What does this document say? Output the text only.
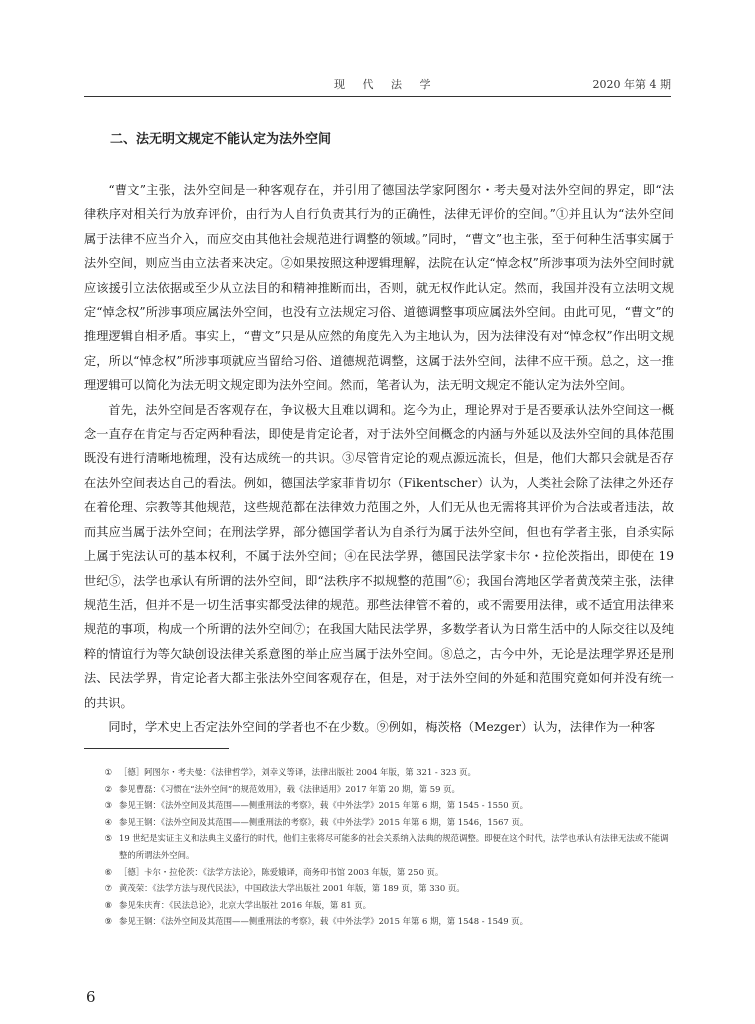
现 代 法 学	2020 年第 4 期
二、法无明文规定不能认定为法外空间

“曹文”主张，法外空间是一种客观存在，并引用了德国法学家阿图尔・考夫曼对法外空间的界定，即“法律秩序对相关行为放弃评价，由行为人自行负责其行为的正确性，法律无评价的空间。”①并且认为“法外空间属于法律不应当介入，而应交由其他社会规范进行调整的领域。”同时，“曹文”也主张，至于何种生活事实属于法外空间，则应当由立法者来决定。②如果按照这种逻辑理解，法院在认定“悼念权”所涉事项为法外空间时就应该援引立法依据或至少从立法目的和精神推断而出，否则，就无权作此认定。然而，我国并没有立法明文规定“悼念权”所涉事项应属法外空间，也没有立法规定习俗、道德调整事项应属法外空间。由此可见，“曹文”的推理逻辑自相矛盾。事实上，“曹文”只是从应然的角度先入为主地认为，因为法律没有对“悼念权”作出明文规定，所以“悼念权”所涉事项就应当留给习俗、道德规范调整，这属于法外空间，法律不应干预。总之，这一推理逻辑可以简化为法无明文规定即为法外空间。然而，笔者认为，法无明文规定不能认定为法外空间。

首先，法外空间是否客观存在，争议极大且难以调和。迄今为止，理论界对于是否要承认法外空间这一概念一直存在肯定与否定两种看法，即使是肯定论者，对于法外空间概念的内涵与外延以及法外空间的具体范围既没有进行清晰地梳理，没有达成统一的共识。③尽管肯定论的观点源远流长，但是，他们大都只会就是否存在法外空间表达自己的看法。例如，德国法学家菲肯切尔（Fikentscher）认为，人类社会除了法律之外还存在着伦理、宗教等其他规范，这些规范都在法律效力范围之外，人们无从也无需将其评价为合法或者违法，故而其应当属于法外空间；在刑法学界，部分德国学者认为自杀行为属于法外空间，但也有学者主张，自杀实际上属于宪法认可的基本权利，不属于法外空间；④在民法学界，德国民法学家卡尔・拉伦茨指出，即使在 19 世纪⑤，法学也承认有所谓的法外空间，即“法秩序不拟规整的范围”⑥；我国台湾地区学者黄茂荣主张，法律规范生活，但并不是一切生活事实都受法律的规范。那些法律管不着的，或不需要用法律，或不适宜用法律来规范的事项，构成一个所谓的法外空间⑦；在我国大陆民法学界，多数学者认为日常生活中的人际交往以及纯粹的情谊行为等欠缺创设法律关系意图的举止应当属于法外空间。⑧总之，古今中外，无论是法理学界还是刑法、民法学界，肯定论者大都主张法外空间客观存在，但是，对于法外空间的外延和范围究竟如何并没有统一的共识。

同时，学术史上否定法外空间的学者也不在少数。⑨例如，梅茨格（Mezger）认为，法律作为一种客

① ［德］阿图尔・考夫曼：《法律哲学》，刘幸义等译，法律出版社 2004 年版，第 321 - 323 页。
② 参见曹磊：《习惯在“法外空间”的规范效用》，载《法律适用》2017 年第 20 期，第 59 页。
③ 参见王钢：《法外空间及其范围——侧重刑法的考察》，载《中外法学》2015 年第 6 期，第 1545 - 1550 页。
④ 参见王钢：《法外空间及其范围——侧重刑法的考察》，载《中外法学》2015 年第 6 期，第 1546，1567 页。
⑤ 19 世纪是实证主义和法典主义盛行的时代，他们主张将尽可能多的社会关系纳入法典的规范调整。即便在这个时代，法学也承认有法律无法或不能调整的所谓法外空间。
⑥ ［德］卡尔・拉伦茨：《法学方法论》，陈爱娥译，商务印书馆 2003 年版，第 250 页。
⑦ 黄茂荣：《法学方法与现代民法》，中国政法大学出版社 2001 年版，第 189 页，第 330 页。
⑧ 参见朱庆育：《民法总论》，北京大学出版社 2016 年版，第 81 页。
⑨ 参见王钢：《法外空间及其范围——侧重刑法的考察》，载《中外法学》2015 年第 6 期，第 1548 - 1549 页。
6
